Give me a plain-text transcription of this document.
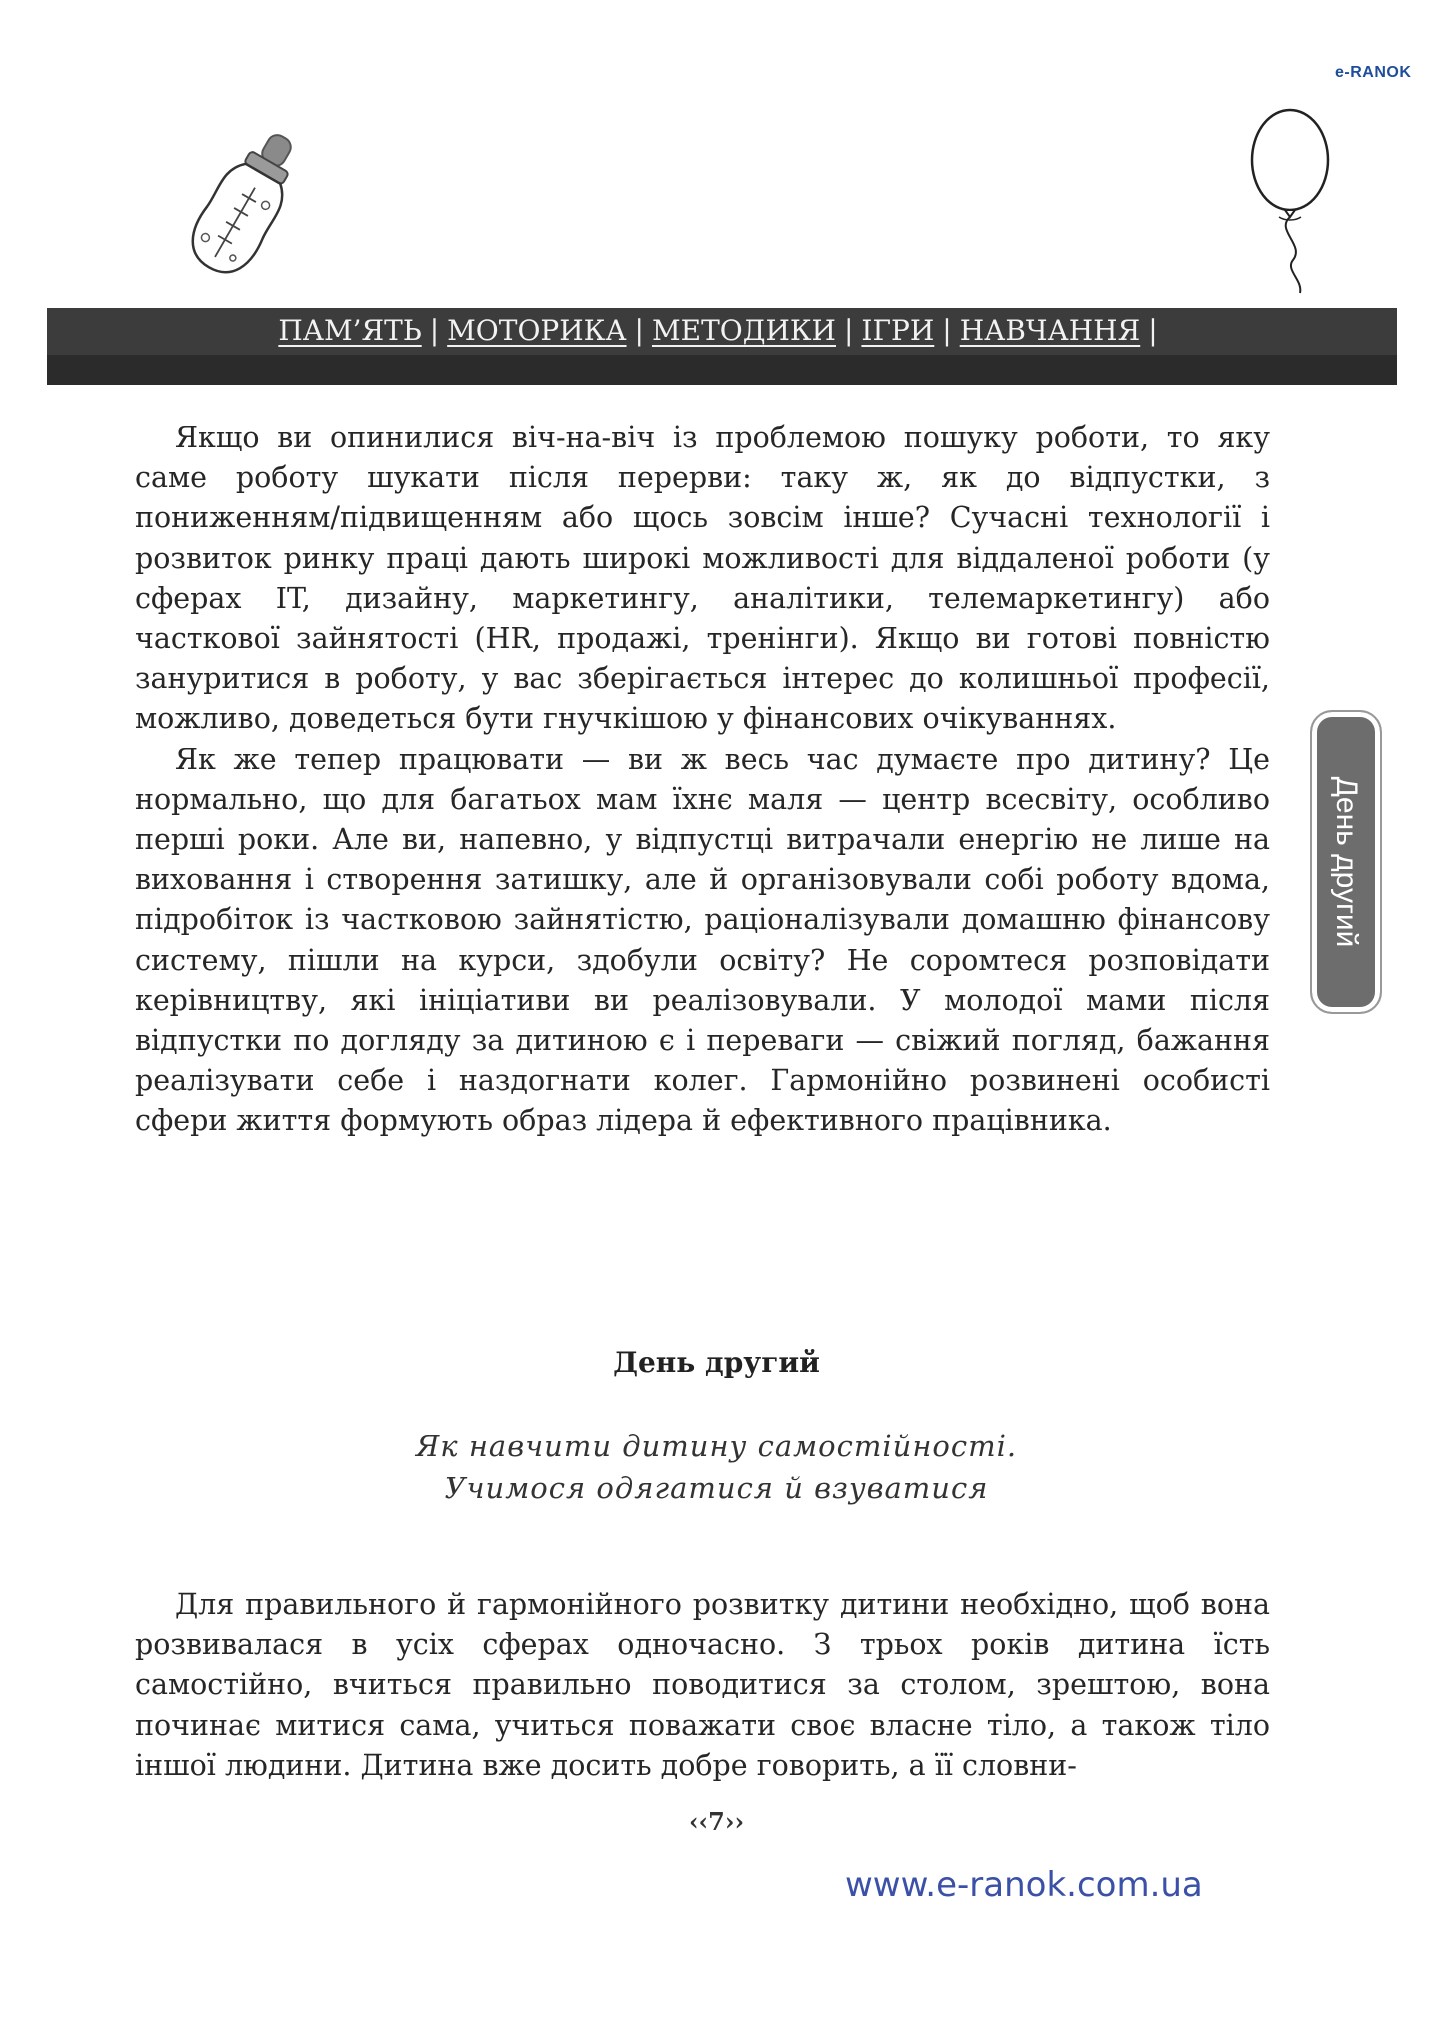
e-RANOK
ПАМ’ЯТЬ | МОТОРИКА | МЕТОДИКИ | ІГРИ | НАВЧАННЯ |

Якщо ви опинилися віч-на-віч із проблемою пошуку роботи, то яку саме роботу шукати після перерви: таку ж, як до відпустки, з пониженням/підвищенням або щось зовсім інше? Сучасні технології і розвиток ринку праці дають широкі можливості для віддаленої роботи (у сферах IT, дизайну, маркетингу, аналітики, телемаркетингу) або часткової зайнятості (HR, продажі, тренінги). Якщо ви готові повністю зануритися в роботу, у вас зберігається інтерес до колишньої професії, можливо, доведеться бути гнучкішою у фінансових очікуваннях.

Як же тепер працювати — ви ж весь час думаєте про дитину? Це нормально, що для багатьох мам їхнє маля — центр всесвіту, особливо перші роки. Але ви, напевно, у відпустці витрачали енергію не лише на виховання і створення затишку, але й організовували собі роботу вдома, підробіток із частковою зайнятістю, раціоналізували домашню фінансову систему, пішли на курси, здобули освіту? Не соромтеся розповідати керівництву, які ініціативи ви реалізовували. У молодої мами після відпустки по догляду за дитиною є і переваги — свіжий погляд, бажання реалізувати себе і наздогнати колег. Гармонійно розвинені особисті сфери життя формують образ лідера й ефективного працівника.

День другий
День другий
Як навчити дитину самостійності.
Учимося одягатися й взуватися

Для правильного й гармонійного розвитку дитини необхідно, щоб вона розвивалася в усіх сферах одночасно. З трьох років дитина їсть самостійно, вчиться правильно поводитися за столом, зрештою, вона починає митися сама, учиться поважати своє власне тіло, а також тіло іншої людини. Дитина вже досить добре говорить, а її словни-

‹‹7››
www.e-ranok.com.ua
